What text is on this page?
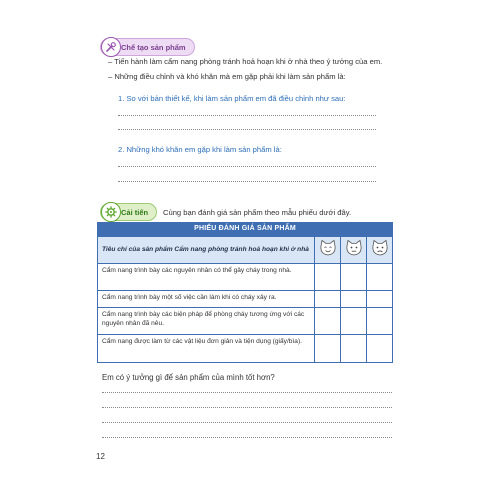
Chế tạo sản phẩm
– Tiến hành làm cẩm nang phòng tránh hoả hoạn khi ở nhà theo ý tưởng của em.
– Những điều chỉnh và khó khăn mà em gặp phải khi làm sản phẩm là:
1. So với bản thiết kế, khi làm sản phẩm em đã điều chỉnh như sau:
2. Những khó khăn em gặp khi làm sản phẩm là:
Cải tiến Cùng bạn đánh giá sản phẩm theo mẫu phiếu dưới đây.
PHIẾU ĐÁNH GIÁ SẢN PHẨM			
Tiêu chí của sản phẩm Cẩm nang phòng tránh hoả hoạn khi ở nhà			
Cẩm nang trình bày các nguyên nhân có thể gây cháy trong nhà.			
Cẩm nang trình bày một số việc cần làm khi có cháy xảy ra.			
Cẩm nang trình bày các biện pháp để phòng cháy tương ứng với các nguyên nhân đã nêu.			
Cẩm nang được làm từ các vật liệu đơn giản và tiện dụng (giấy/bìa).			
Em có ý tưởng gì để sản phẩm của mình tốt hơn?
12
